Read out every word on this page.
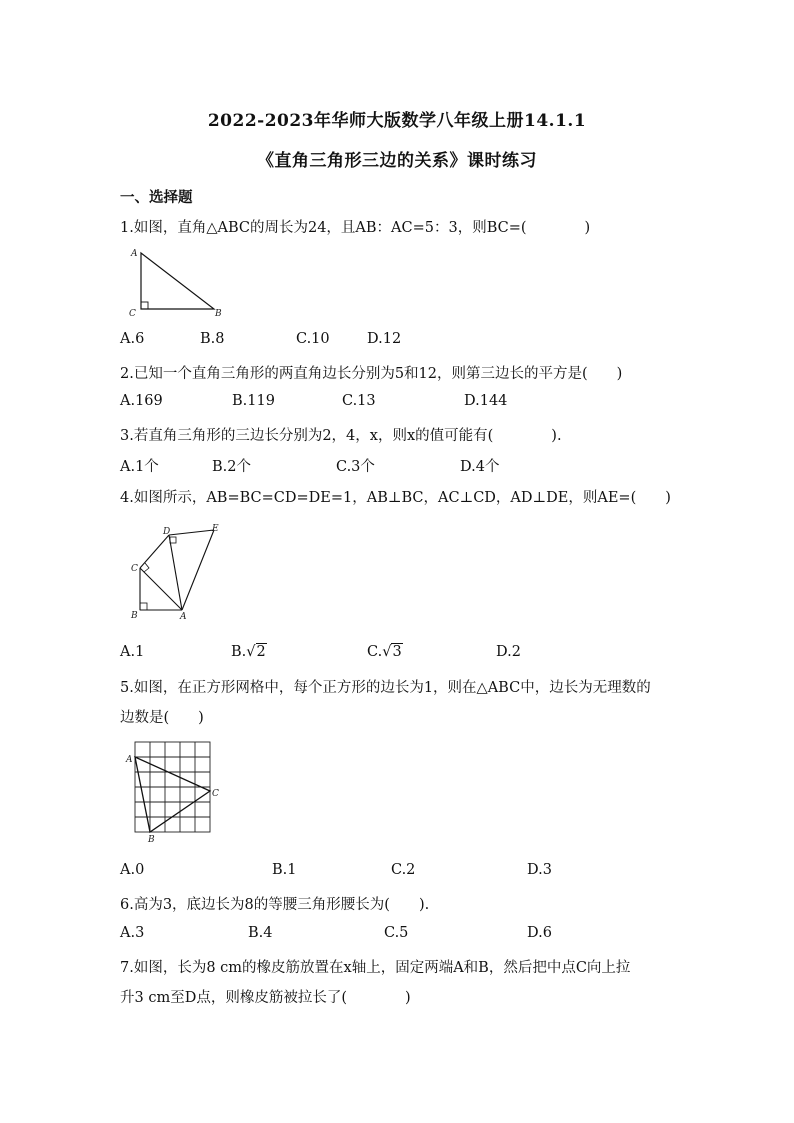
2022-2023年华师大版数学八年级上册14.1.1
《直角三角形三边的关系》课时练习
一、选择题
1.如图，直角△ABC的周长为24，且AB：AC=5：3，则BC=(　　　　)
A
C	B
A.6	B.8	C.10	D.12
2.已知一个直角三角形的两直角边长分别为5和12，则第三边长的平方是(　　)
A.169	B.119	C.13	D.144
3.若直角三角形的三边长分别为2，4，x，则x的值可能有(　　　　).
A.1个	B.2个	C.3个	D.4个
4.如图所示，AB=BC=CD=DE=1，AB⊥BC，AC⊥CD，AD⊥DE，则AE=(　　)
C
B	A
D	E
A.1	B.√2	C.√3	D.2
5.如图，在正方形网格中，每个正方形的边长为1，则在△ABC中，边长为无理数的
边数是(　　)
A
B
C
A.0	B.1	C.2	D.3
6.高为3，底边长为8的等腰三角形腰长为(　　).
A.3	B.4	C.5	D.6
7.如图，长为8 cm的橡皮筋放置在x轴上，固定两端A和B，然后把中点C向上拉
升3 cm至D点，则橡皮筋被拉长了(　　　　)
